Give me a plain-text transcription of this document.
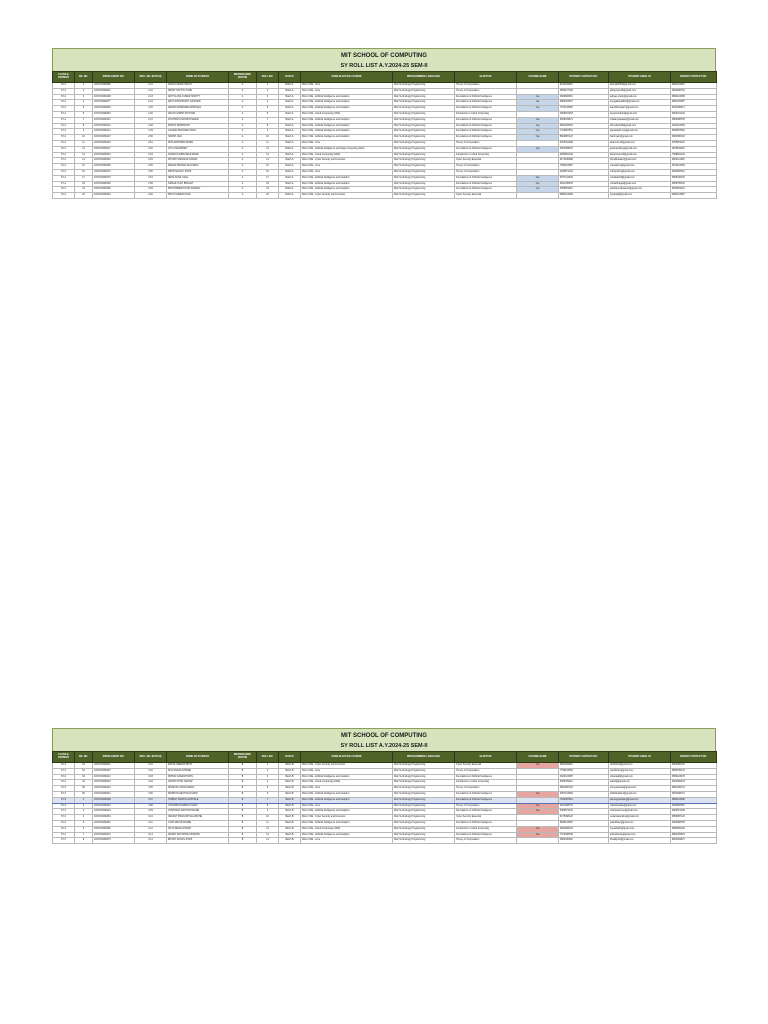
MIT SCHOOL OF COMPUTING
SY ROLL LIST A.Y.2024-25 SEM-II
CLASS & DIVISION	SR. NO.	ENROLLMENT NO.	ROLL NO. (BATCH)	NAME OF STUDENT	BRANCH/ADM. (SEATS)	ROLL NO.	BATCH	OPEN ELECTIVE COURSE	PROGRAMMING LANGUAGE	ELECTIVE	COURSE NAME	STUDENT CONTACT NO.	STUDENT EMAIL ID	PARENT CONTACT NO.
SY-2	1	1037231060089	2.41	AMAN KUMAR SINGH	A	1	Batch A	Minor CSE - Core	Web Technology Programming	Theory of Computation		8210234561	aksingh0823@gmail.com	9823412561
SY-2	2	1037231060091	2.42	ABHAY NATTHU TUPE	A	2	Batch A	Minor CSE - Core	Web Technology Programming	Theory of Computation		9850127340	abhaytupe45@gmail.com	9822456781
SY-2	3	1037231060108	2.43	ADITYA ANIL KUMAR SHETTY	A	3	Batch A	Minor CSE - Artificial Intelligence and Analytics	Web Technology Programming	Foundations of Artificial Intelligence	Yes	9309826451	adityas.shetty@gmail.com	9890123456
SY-2	4	1037231060077	2.44	ARYA SHASHIKANT GAIKWAD	A	4	Batch A	Minor CSE - Artificial Intelligence and Analytics	Web Technology Programming	Foundations of Artificial Intelligence	Yes	9860234567	aryagaikwad002@gmail.com	9881231987
SY-2	5	1037231060083	2.45	ADESH MAHENDRA BHOSALE	A	5	Batch A	Minor CSE - Artificial Intelligence and Analytics	Web Technology Programming	Foundations of Artificial Intelligence	Yes	7972134562	adeshbhosale7@gmail.com	9922345671
SY-2	6	1037231060094	2.46	ARYAN GIRISH KOTHARI	A	6	Batch A	Minor CSE - Cloud Computing (AWS)	Web Technology Programming	Introduction to Cloud Computing		9309187263	aryank.kothari@gmail.com	9823101234
SY-2	7	1037231060113	2.47	CHAITANYA MOHAN PAWAR	A	7	Batch A	Minor CSE - Artificial Intelligence and Analytics	Web Technology Programming	Foundations of Artificial Intelligence	Yes	8329109871	chaitanyapawar@gmail.com	9850098765
SY-2	8	1037231060121	2.48	DHRUV DESHMUKH	A	8	Batch A	Minor CSE - Artificial Intelligence and Analytics	Web Technology Programming	Foundations of Artificial Intelligence	Yes	9561234876	dhruvdesh09@gmail.com	9422123456
SY-2	9	1037231060131	2.49	GAURAV MAHADEV PATIL	A	9	Batch A	Minor CSE - Artificial Intelligence and Analytics	Web Technology Programming	Foundations of Artificial Intelligence	Yes	7219087651	gauravpatil.mp@gmail.com	9890567891
SY-2	10	1037231060137	2.50	HARSH JAIN	A	10	Batch A	Minor CSE - Artificial Intelligence and Analytics	Web Technology Programming	Foundations of Artificial Intelligence	Yes	8600987123	harsh.jain@gmail.com	9823456102
SY-2	11	1037231060140	2.51	ISHA RAVINDRA MORE	A	11	Batch A	Minor CSE - Core	Web Technology Programming	Theory of Computation		9075341298	ishamore14@gmail.com	9765874321
SY-2	12	1037231060147	2.52	JIYA CHAUDHARY	A	12	Batch A	Minor CSE - Artificial Intelligence and Edge Computing (Web)	Web Technology Programming	Foundations of Artificial Intelligence	Yes	9823009876	jiyachaudhary@gmail.com	9876543210
SY-2	13	1037231060151	2.53	KARAN NANDKUMAR MANE	A	13	Batch A	Minor CSE - Cloud Computing (AWS)	Web Technology Programming	Introduction to Cloud Computing		9284561230	karanmane23@gmail.com	7588901234
SY-2	14	1037231060162	2.54	KHUSHI SHANKAR KADAM	A	14	Batch A	Minor CSE - Cyber Security and Forensics	Web Technology Programming	Cyber Security Essential		9172345098	khushikadam@gmail.com	9823121987
SY-2	15	1037231060168	2.55	MANAS PRASAD KULKARNI	A	15	Batch A	Minor CSE - Core	Web Technology Programming	Theory of Computation		7083123987	manask.kul@gmail.com	9970123456
SY-2	16	1037231060172	2.56	MIHIR SANJAY JOSHI	A	16	Batch A	Minor CSE - Core	Web Technology Programming	Theory of Computation		9325671234	mihirjoshi.sj@gmail.com	9822987612
SY-2	17	1037231060175	2.57	NEHA SUNIL KALE	A	17	Batch A	Minor CSE - Artificial Intelligence and Analytics	Web Technology Programming	Foundations of Artificial Intelligence	Yes	8767123409	nehakale03@gmail.com	9890432187
SY-2	18	1037231060182	2.58	OMKAR VIJAY BHAGAT	A	18	Batch A	Minor CSE - Artificial Intelligence and Analytics	Web Technology Programming	Foundations of Artificial Intelligence	Yes	9021345678	omkarbhagat@gmail.com	9850765432
SY-2	19	1037231060189	2.59	PRATHAMESH DILIP SAWANT	A	19	Batch A	Minor CSE - Artificial Intelligence and Analytics	Web Technology Programming	Foundations of Artificial Intelligence	Yes	9359876012	prathameshsawant@gmail.com	9823654321
SY-2	20	1037231060194	2.60	PRIYA SURESH NAIK	A	20	Batch A	Minor CSE - Cyber Security and Forensics	Web Technology Programming	Cyber Security Essential		8080123456	priyanaik@gmail.com	9960123987
MIT SCHOOL OF COMPUTING
SY ROLL LIST A.Y.2024-25 SEM-II
CLASS & DIVISION	SR. NO.	ENROLLMENT NO.	ROLL NO. (BATCH)	NAME OF STUDENT	BRANCH/ADM. (SEATS)	ROLL NO.	BATCH	OPEN ELECTIVE COURSE	PROGRAMMING LANGUAGE	ELECTIVE	COURSE NAME	STUDENT CONTACT NO.	STUDENT EMAIL ID	PARENT CONTACT NO.
SY-3	61	1037231060201	3.01	RAHUL DEEPAK BHAT	B	1	Batch B	Minor CSE - Cyber Security and Forensics	Web Technology Programming	Cyber Security Essential	Yes	9822345610	rahulbhat@gmail.com	9823456781
SY-3	62	1037231060207	3.02	RIYA ANAND SHINDE	B	2	Batch B	Minor CSE - Core	Web Technology Programming	Theory of Computation		7798123450	riyashinde@gmail.com	9890765123
SY-3	63	1037231060212	3.03	ROHAN GANESH PATIL	B	3	Batch B	Minor CSE - Artificial Intelligence and Analytics	Web Technology Programming	Foundations of Artificial Intelligence		9420123987	rohanpatil@gmail.com	9850123476
SY-3	64	1037231060219	3.04	SAKSHI NITIN JADHAV	B	4	Batch B	Minor CSE - Cloud Computing (AWS)	Web Technology Programming	Introduction to Cloud Computing		8308765412	sakshij@gmail.com	9922456123
SY-3	65	1037231060224	3.05	SHREYAS VINOD DESAI	B	5	Batch B	Minor CSE - Core	Web Technology Programming	Theory of Computation		9561987234	shreyasdesai@gmail.com	9881456712
SY-3	66	1037231060231	3.06	SIDDHI RAJESH KULKARNI	B	6	Batch B	Minor CSE - Artificial Intelligence and Analytics	Web Technology Programming	Foundations of Artificial Intelligence	Yes	9067123984	siddhikulkarni@gmail.com	9823098712
SY-3	1	1037231060238	3.07	TANMAY SACHIN GOKHALE	B	7	Batch B	Minor CSE - Artificial Intelligence and Analytics	Web Technology Programming	Foundations of Artificial Intelligence		7020987612	tanmaygokhale@gmail.com	9890123498
SY-3	2	1037231060243	3.08	UTKARSH RAMESH YADAV	B	8	Batch B	Minor CSE - Core	Web Technology Programming	Theory of Computation	Yes	8421098734	utkarshyadav@gmail.com	9960987651
SY-3	3	1037231060249	3.09	VAISHNAVI SANTOSH MORE	B	9	Batch B	Minor CSE - Artificial Intelligence and Analytics	Web Technology Programming	Foundations of Artificial Intelligence	Yes	9309871234	vaishnavimore@gmail.com	9823871209
SY-3	4	1037231060254	3.10	VEDANT PRAKASH SALUNKHE	B	10	Batch B	Minor CSE - Cyber Security and Forensics	Web Technology Programming	Cyber Security Essential		9175098123	vedantsalunkhe@gmail.com	9850987123
SY-3	5	1037231060261	3.11	YASH MILIND KHARE	B	11	Batch B	Minor CSE - Artificial Intelligence and Analytics	Web Technology Programming	Foundations of Artificial Intelligence		8605123987	yashkhare@gmail.com	9822098765
SY-3	6	1037231060266	3.12	ZOYA IMRAN SHAIKH	B	12	Batch B	Minor CSE - Cloud Computing (AWS)	Web Technology Programming	Introduction to Cloud Computing	Yes	9284098123	zoyashaikh@gmail.com	9890981234
SY-3	7	1037231060272	3.13	ANIKET DATTATRAY BORATE	B	13	Batch B	Minor CSE - Artificial Intelligence and Analytics	Web Technology Programming	Foundations of Artificial Intelligence	Yes	7972098345	aniketborate@gmail.com	9881209876
SY-3	8	1037231060279	3.14	BHAKTI SUHAS JOSHI	B	14	Batch B	Minor CSE - Core	Web Technology Programming	Theory of Computation		9860345981	bhaktijoshi@gmail.com	9823409871
